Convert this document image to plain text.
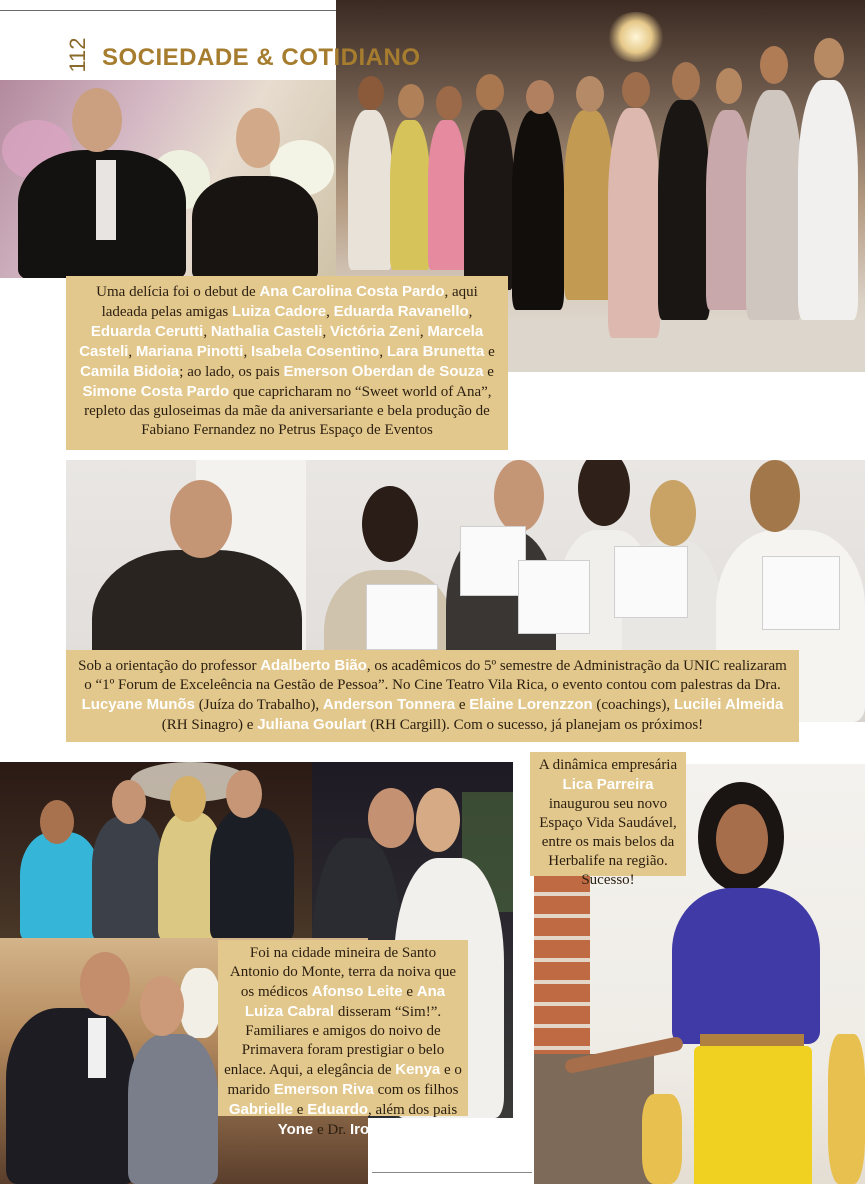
112 SOCIEDADE & COTIDIANO
Uma delícia foi o debut de Ana Carolina Costa Pardo, aqui ladeada pelas amigas Luiza Cadore, Eduarda Ravanello, Eduarda Cerutti, Nathalia Casteli, Victória Zeni, Marcela Casteli, Mariana Pinotti, Isabela Cosentino, Lara Brunetta e Camila Bidoia; ao lado, os pais Emerson Oberdan de Souza e Simone Costa Pardo que capricharam no “Sweet world of Ana”, repleto das guloseimas da mãe da aniversariante e bela produção de Fabiano Fernandez no Petrus Espaço de Eventos
Sob a orientação do professor Adalberto Bião, os acadêmicos do 5º semestre de Administração da UNIC realizaram o “1º Forum de Exceleência na Gestão de Pessoa”. No Cine Teatro Vila Rica, o evento contou com palestras da Dra. Lucyane Munõs (Juíza do Trabalho), Anderson Tonnera e Elaine Lorenzzon (coachings), Lucilei Almeida (RH Sinagro) e Juliana Goulart (RH Cargill). Com o sucesso, já planejam os próximos!
Foi na cidade mineira de Santo Antonio do Monte, terra da noiva que os médicos Afonso Leite e Ana Luiza Cabral disseram “Sim!”. Familiares e amigos do noivo de Primavera foram prestigiar o belo enlace. Aqui, a elegância de Kenya e o marido Emerson Riva com os filhos Gabrielle e Eduardo, além dos pais Yone e Dr. Iro Leite
A dinâmica empresária Lica Parreira inaugurou seu novo Espaço Vida Saudável, entre os mais belos da Herbalife na região. Sucesso!
